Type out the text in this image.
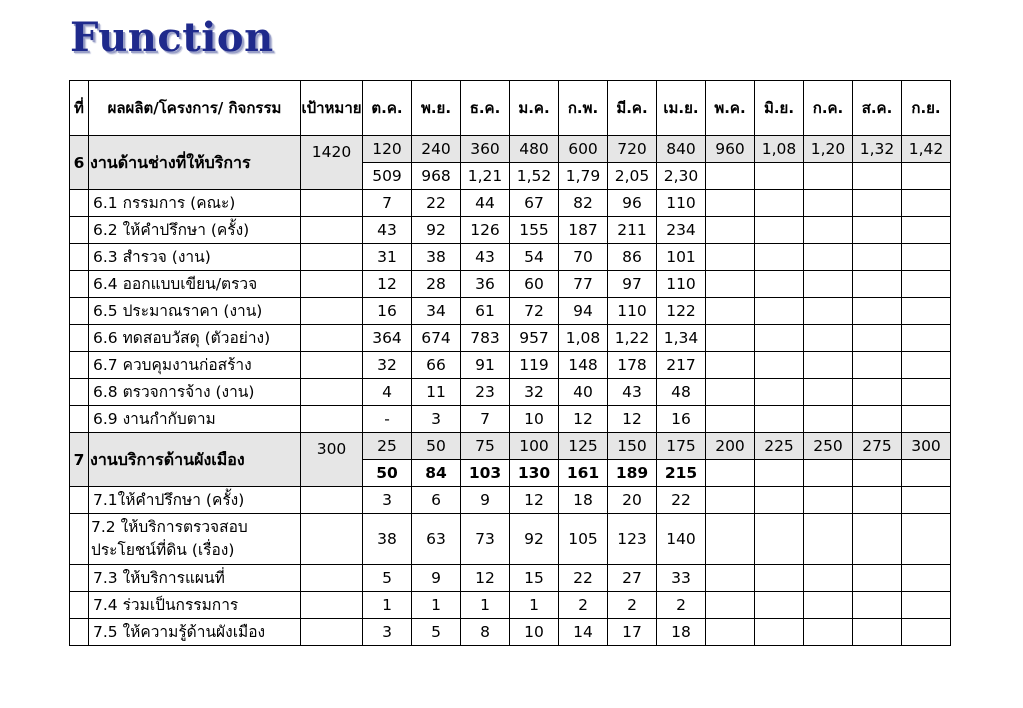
Function
ที่	ผลผลิต/โครงการ/ กิจกรรม	เป้าหมาย	ต.ค.	พ.ย.	ธ.ค.	ม.ค.	ก.พ.	มี.ค.	เม.ย.	พ.ค.	มิ.ย.	ก.ค.	ส.ค.	ก.ย.
6	งานด้านช่างที่ให้บริการ	1420	120	240	360	480	600	720	840	960	1,08	1,20	1,32	1,42
			509	968	1,21	1,52	1,79	2,05	2,30					
	6.1 กรรมการ (คณะ)		7	22	44	67	82	96	110					
	6.2 ให้คำปรึกษา (ครั้ง)		43	92	126	155	187	211	234					
	6.3 สำรวจ (งาน)		31	38	43	54	70	86	101					
	6.4 ออกแบบเขียน/ตรวจ		12	28	36	60	77	97	110					
	6.5 ประมาณราคา (งาน)		16	34	61	72	94	110	122					
	6.6 ทดสอบวัสดุ (ตัวอย่าง)		364	674	783	957	1,08	1,22	1,34					
	6.7 ควบคุมงานก่อสร้าง		32	66	91	119	148	178	217					
	6.8 ตรวจการจ้าง (งาน)		4	11	23	32	40	43	48					
	6.9 งานกำกับตาม		-	3	7	10	12	12	16					
7	งานบริการด้านผังเมือง	300	25	50	75	100	125	150	175	200	225	250	275	300
			50	84	103	130	161	189	215					
	7.1ให้คำปรึกษา (ครั้ง)		3	6	9	12	18	20	22					
	7.2 ให้บริการตรวจสอบประโยชน์ที่ดิน (เรื่อง)		38	63	73	92	105	123	140					
	7.3 ให้บริการแผนที่		5	9	12	15	22	27	33					
	7.4 ร่วมเป็นกรรมการ		1	1	1	1	2	2	2					
	7.5 ให้ความรู้ด้านผังเมือง		3	5	8	10	14	17	18					
